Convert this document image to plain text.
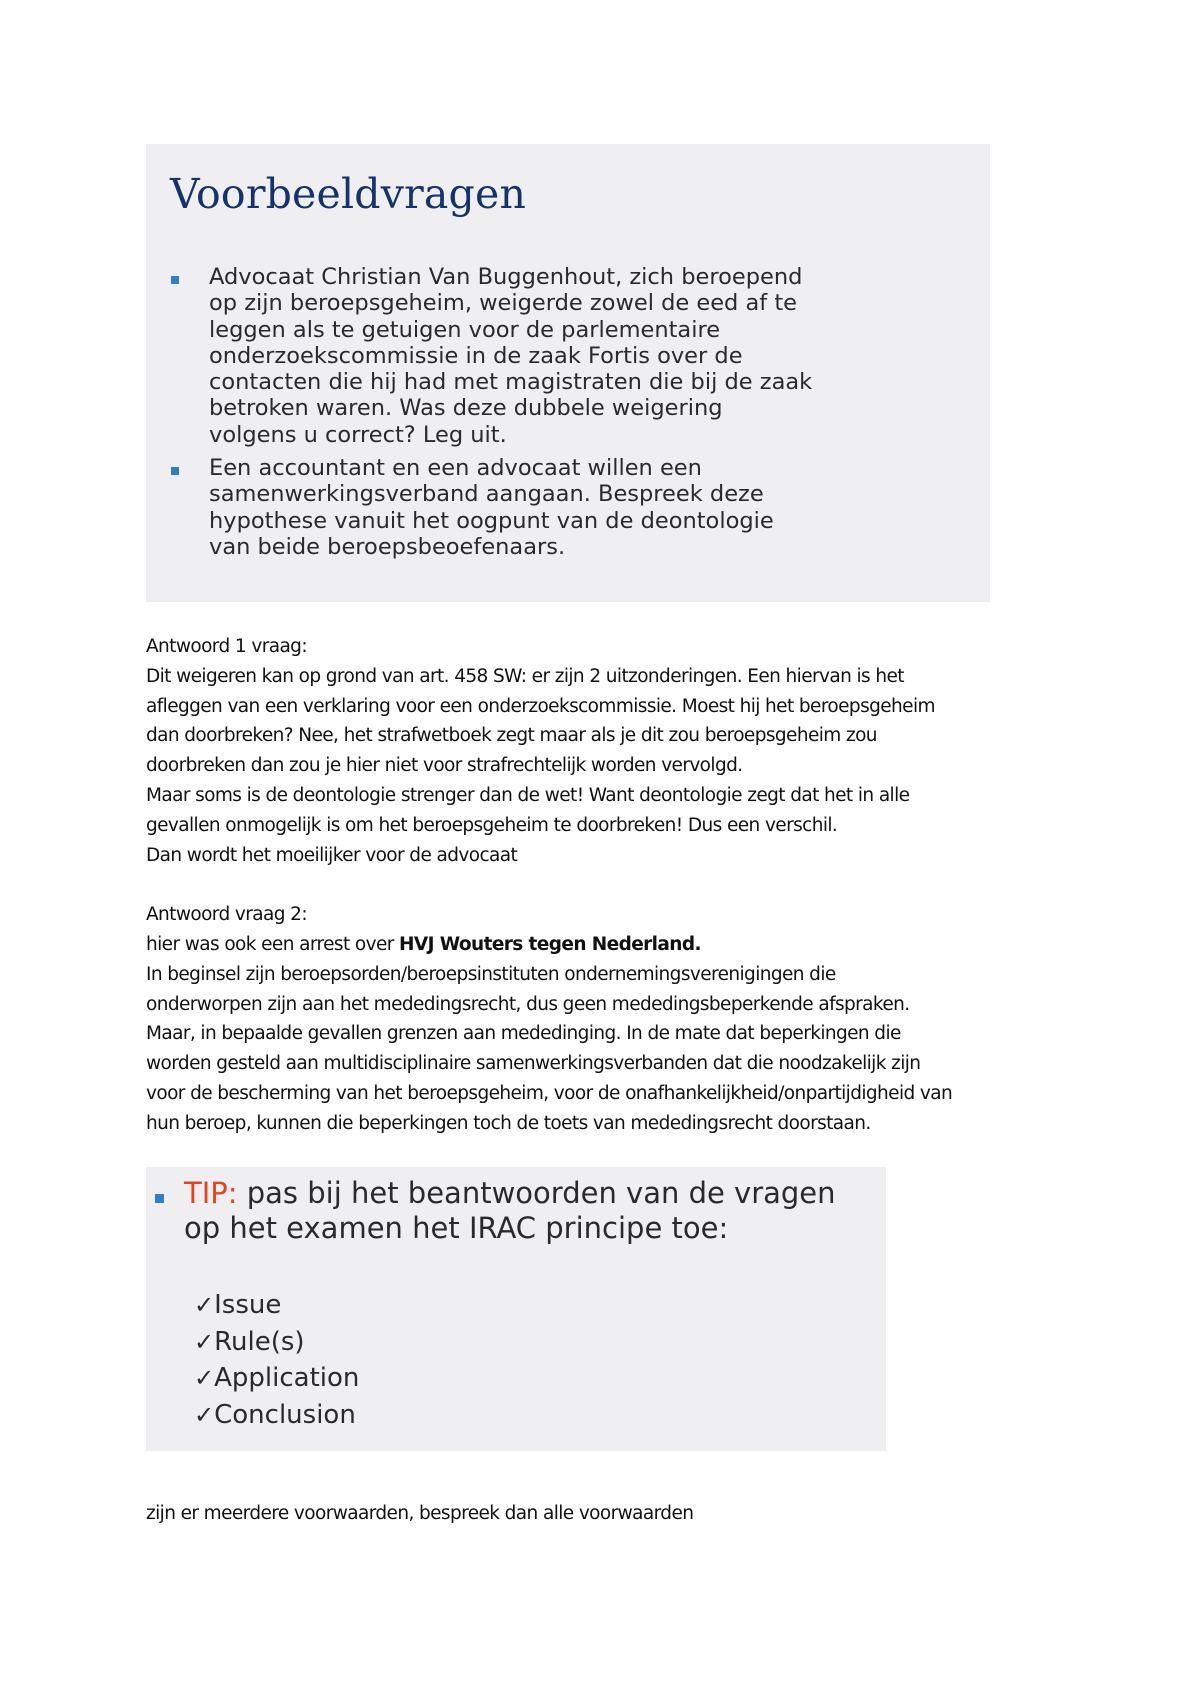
Voorbeeldvragen
Advocaat Christian Van Buggenhout, zich beroepend
op zijn beroepsgeheim, weigerde zowel de eed af te
leggen als te getuigen voor de parlementaire
onderzoekscommissie in de zaak Fortis over de
contacten die hij had met magistraten die bij de zaak
betroken waren. Was deze dubbele weigering
volgens u correct? Leg uit.
Een accountant en een advocaat willen een
samenwerkingsverband aangaan. Bespreek deze
hypothese vanuit het oogpunt van de deontologie
van beide beroepsbeoefenaars.

Antwoord 1 vraag:

Dit weigeren kan op grond van art. 458 SW: er zijn 2 uitzonderingen. Een hiervan is het

afleggen van een verklaring voor een onderzoekscommissie. Moest hij het beroepsgeheim

dan doorbreken? Nee, het strafwetboek zegt maar als je dit zou beroepsgeheim zou

doorbreken dan zou je hier niet voor strafrechtelijk worden vervolgd.

Maar soms is de deontologie strenger dan de wet! Want deontologie zegt dat het in alle

gevallen onmogelijk is om het beroepsgeheim te doorbreken! Dus een verschil.

Dan wordt het moeilijker voor de advocaat

Antwoord vraag 2:

hier was ook een arrest over HVJ Wouters tegen Nederland.

In beginsel zijn beroepsorden/beroepsinstituten ondernemingsverenigingen die

onderworpen zijn aan het mededingsrecht, dus geen mededingsbeperkende afspraken.

Maar, in bepaalde gevallen grenzen aan mededinging. In de mate dat beperkingen die

worden gesteld aan multidisciplinaire samenwerkingsverbanden dat die noodzakelijk zijn

voor de bescherming van het beroepsgeheim, voor de onafhankelijkheid/onpartijdigheid van

hun beroep, kunnen die beperkingen toch de toets van mededingsrecht doorstaan.

TIP: pas bij het beantwoorden van de vragen op het examen het IRAC principe toe:
✓Issue
✓Rule(s)
✓Application
✓Conclusion

zijn er meerdere voorwaarden, bespreek dan alle voorwaarden
